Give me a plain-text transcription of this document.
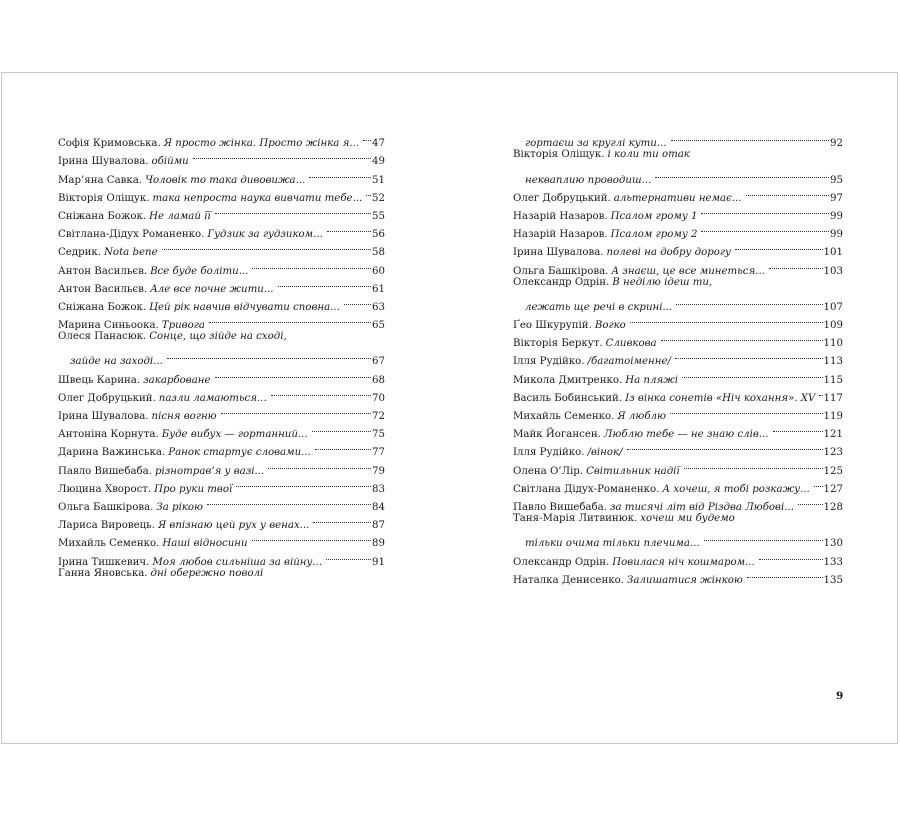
Софія Кримовська. Я просто жінка. Просто жінка я... 47
Ірина Шувалова. обійми	49
Мар’яна Савка. Чоловік то така дивовижа...	51
Вікторія Оліщук. така непроста наука вивчати тебе... 52
Сніжана Божок. Не ламай її	55
Світлана-Дідух Романенко. Гудзик за гудзиком...	56
Седрик. Nota bene	58
Антон Васильєв. Все буде боліти...	60
Антон Васильєв. Але все почне жити...	61
Сніжана Божок. Цей рік навчив відчувати сповна...	63
Марина Синьоока. Тривога	65
Олеся Панасюк. Сонце, що зійде на сході,
зайде на заході...	67
Швець Карина. закарбоване	68
Олег Добруцький. пазли ламаються...	70
Ірина Шувалова. пісня вогню	72
Антоніна Корнута. Буде вибух — гортанний...	75
Дарина Важинська. Ранок стартує словами...	77
Павло Вишебаба. різнотрав’я у вазі...	79
Люцина Хворост. Про руки твої	83
Ольга Башкірова. За рікою	84
Лариса Вировець. Я впізнаю цей рух у венах...	87
Михайль Семенко. Наші відносини	89
Ірина Тишкевич. Моя любов сильніша за війну...	91
Ганна Яновська. дні обережно поволі
гортаєш за круглі кути...	92
Вікторія Оліщук. і коли ти отак
некваплию проводиш...	95
Олег Добруцький. альтернативи немає...	97
Назарій Назаров. Псалом грому 1	99
Назарій Назаров. Псалом грому 2	99
Ірина Шувалова. полеві на добру дорогу	101
Ольга Башкірова. А знаєш, це все минеться...	103
Олександр Одрін. В неділю ідеш ти,
лежать ще речі в скрині...	107
Ґео Шкурупій. Вогко	109
Вікторія Беркут. Сливкова	110
Ілля Рудійко. /багатоіменне/	113
Микола Дмитренко. На пляжі	115
Василь Бобинський. Із вінка сонетів «Ніч кохання». XV 117
Михайль Семенко. Я люблю	119
Майк Йогансен. Люблю тебе — не знаю слів...	121
Ілля Рудійко. /вінок/	123
Олена О’Лір. Світильник надії	125
Світлана Дідух-Романенко. А хочеш, я тобі розкажу... 127
Павло Вишебаба. за тисячі літ від Різдва Любові...	128
Таня-Марія Литвинюк. хочеш ми будемо
тільки очима тільки плечима...	130
Олександр Одрін. Повилася ніч кошмаром...	133
Наталка Денисенко. Залишатися жінкою	135
9
